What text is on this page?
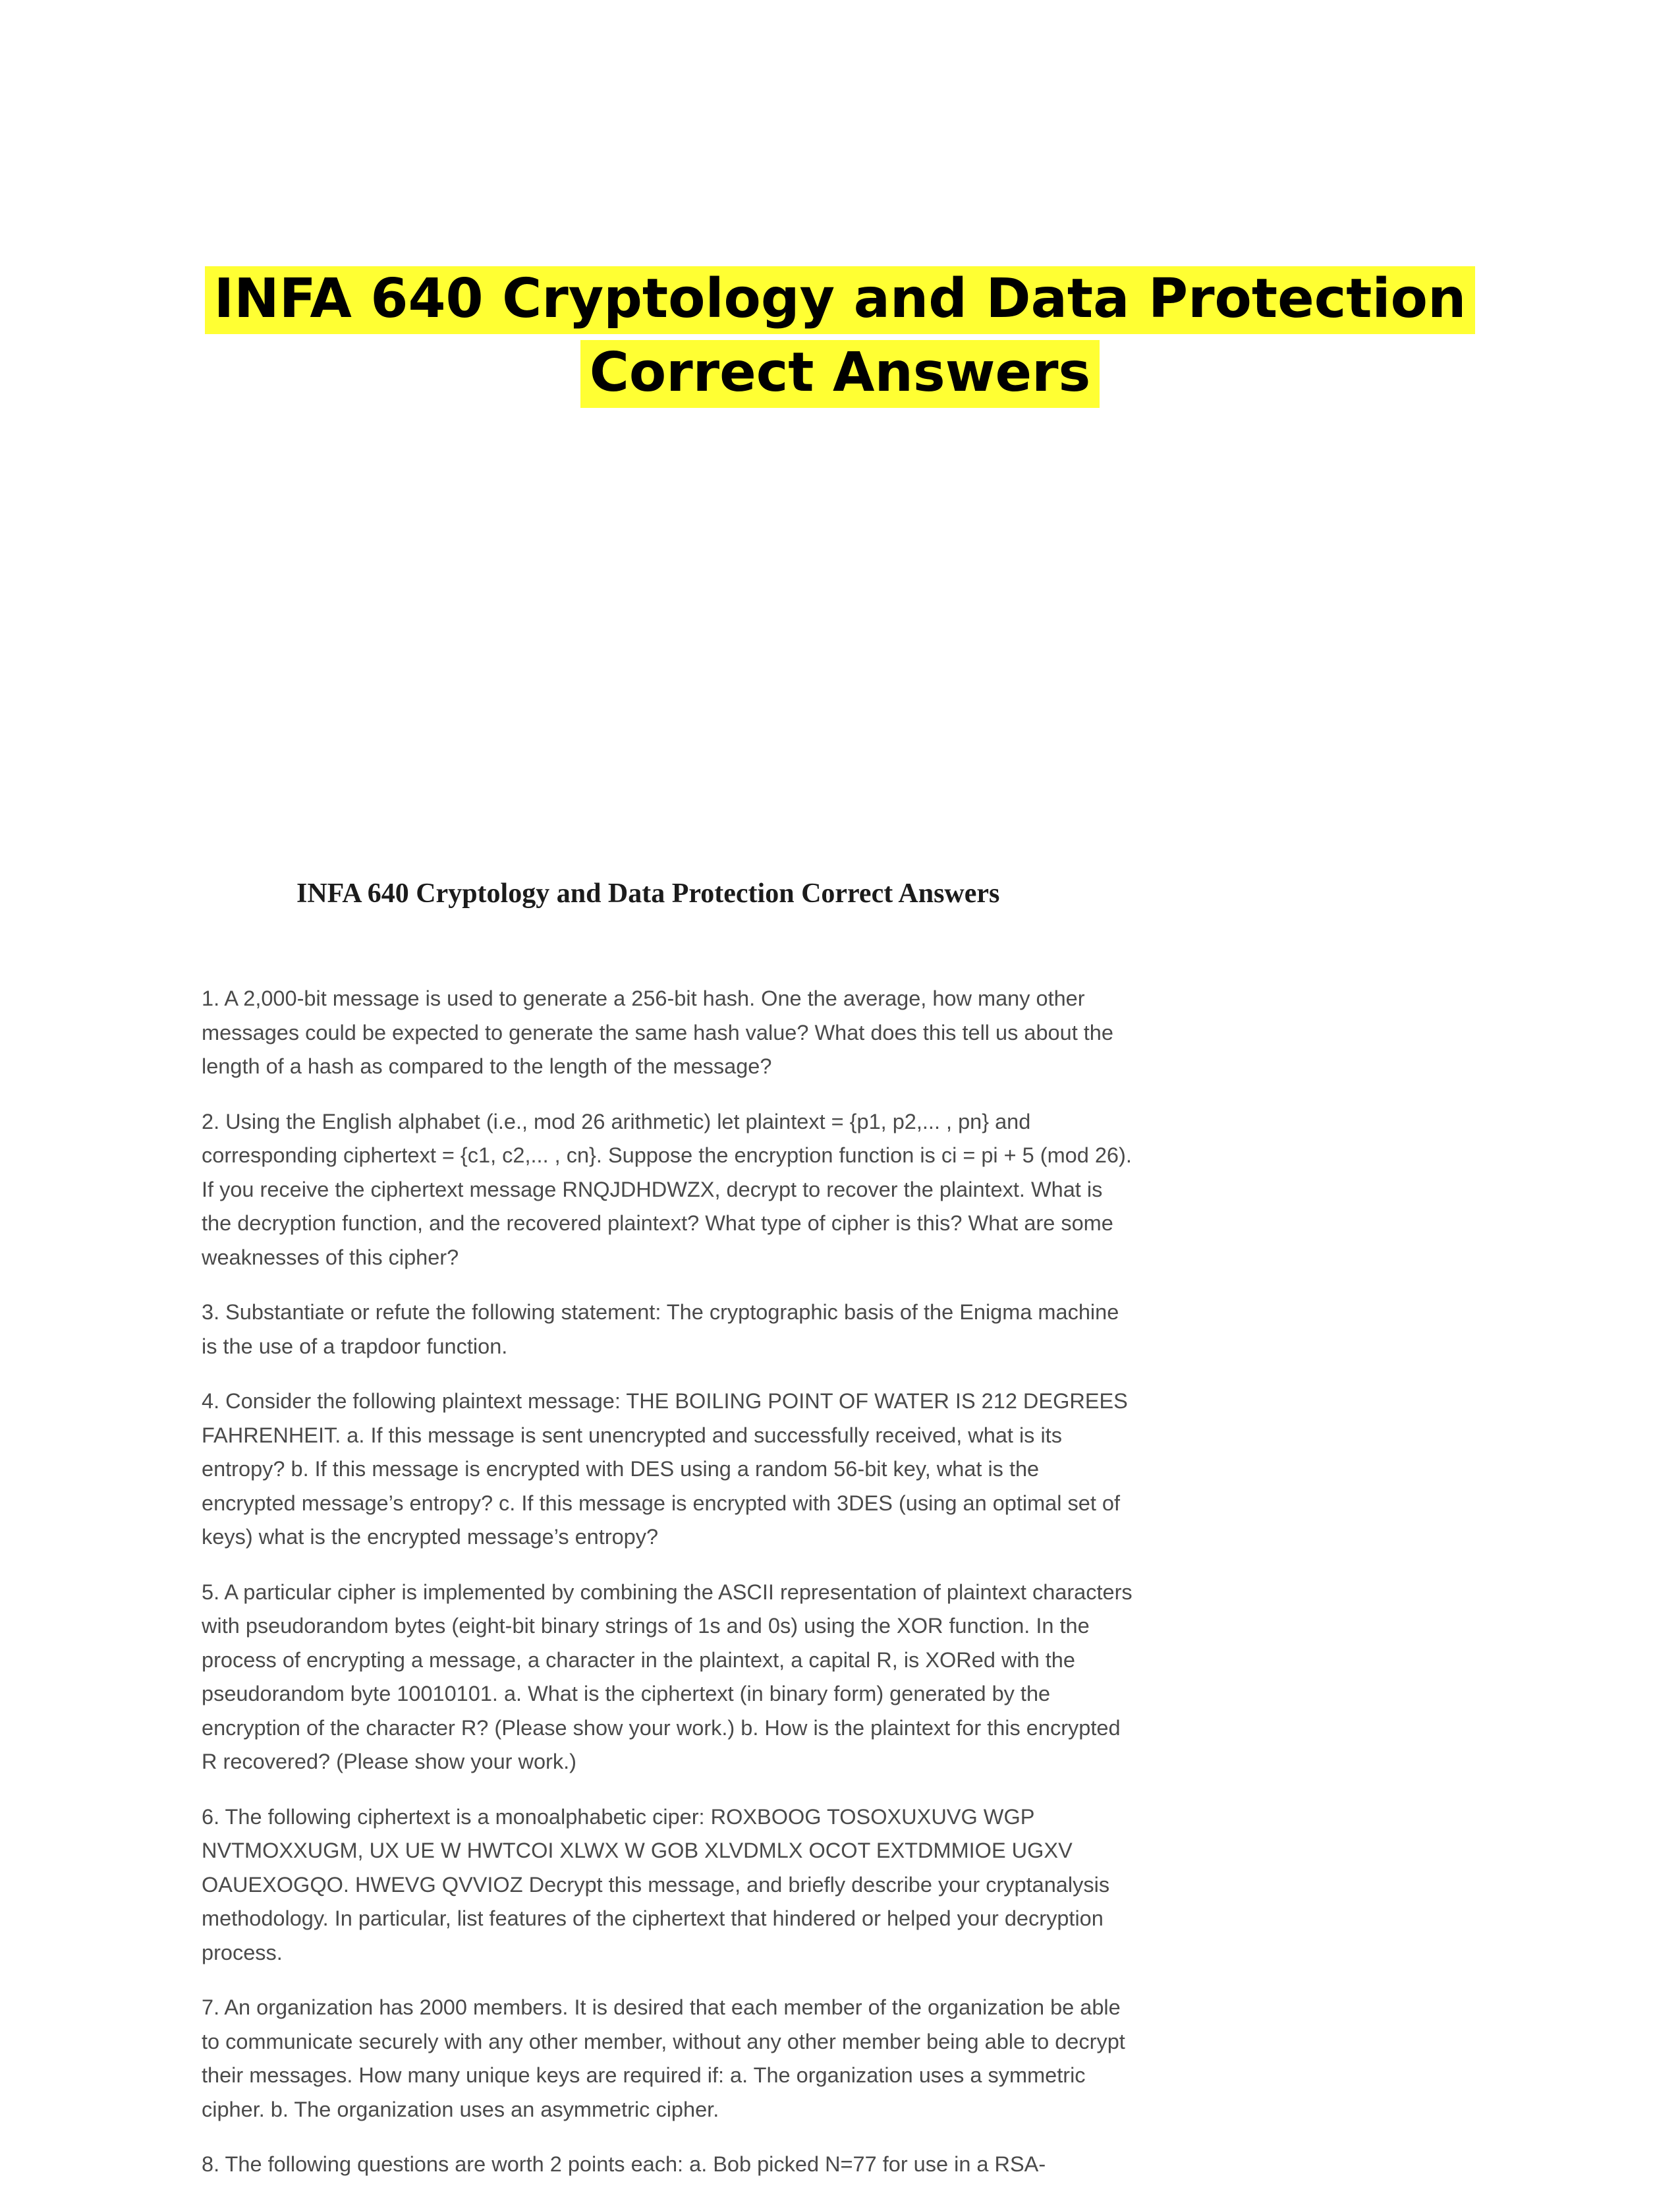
INFA 640 Cryptology and Data Protection
Correct Answers
INFA 640 Cryptology and Data Protection Correct Answers
1. A 2,000-bit message is used to generate a 256-bit hash. One the average, how many other messages could be expected to generate the same hash value? What does this tell us about the length of a hash as compared to the length of the message?
2. Using the English alphabet (i.e., mod 26 arithmetic) let plaintext = {p1, p2,... , pn} and corresponding ciphertext = {c1, c2,... , cn}. Suppose the encryption function is ci = pi + 5 (mod 26). If you receive the ciphertext message RNQJDHDWZX, decrypt to recover the plaintext. What is the decryption function, and the recovered plaintext? What type of cipher is this? What are some weaknesses of this cipher?
3. Substantiate or refute the following statement: The cryptographic basis of the Enigma machine is the use of a trapdoor function.
4. Consider the following plaintext message: THE BOILING POINT OF WATER IS 212 DEGREES FAHRENHEIT. a. If this message is sent unencrypted and successfully received, what is its entropy? b. If this message is encrypted with DES using a random 56-bit key, what is the encrypted message’s entropy? c. If this message is encrypted with 3DES (using an optimal set of keys) what is the encrypted message’s entropy?
5. A particular cipher is implemented by combining the ASCII representation of plaintext characters with pseudorandom bytes (eight-bit binary strings of 1s and 0s) using the XOR function. In the process of encrypting a message, a character in the plaintext, a capital R, is XORed with the pseudorandom byte 10010101. a. What is the ciphertext (in binary form) generated by the encryption of the character R? (Please show your work.) b. How is the plaintext for this encrypted R recovered? (Please show your work.)
6. The following ciphertext is a monoalphabetic ciper: ROXBOOG TOSOXUXUVG WGP NVTMOXXUGM, UX UE W HWTCOI XLWX W GOB XLVDMLX OCOT EXTDMMIOE UGXV OAUEXOGQO. HWEVG QVVIOZ Decrypt this message, and briefly describe your cryptanalysis methodology. In particular, list features of the ciphertext that hindered or helped your decryption process.
7. An organization has 2000 members. It is desired that each member of the organization be able to communicate securely with any other member, without any other member being able to decrypt their messages. How many unique keys are required if: a. The organization uses a symmetric cipher. b. The organization uses an asymmetric cipher.
8. The following questions are worth 2 points each: a. Bob picked N=77 for use in a RSA-
